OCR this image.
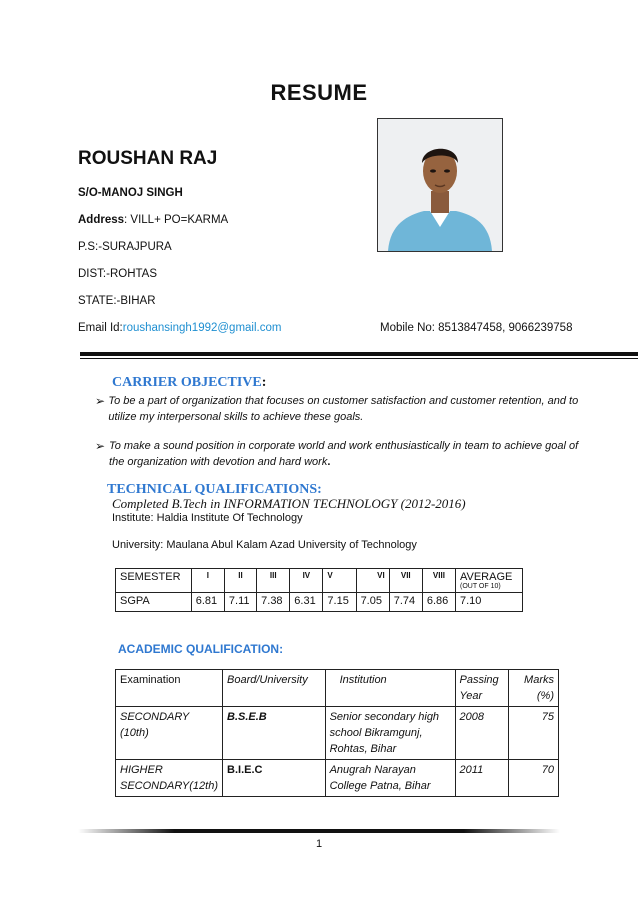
RESUME
ROUSHAN RAJ
S/O-MANOJ SINGH
Address: VILL+ PO=KARMA
P.S:-SURAJPURA
DIST:-ROHTAS
STATE:-BIHAR
Email Id:roushansingh1992@gmail.com	Mobile No: 8513847458, 9066239758
CARRIER OBJECTIVE:
➢ To be a part of organization that focuses on customer satisfaction and customer retention, and to utilize my interpersonal skills to achieve these goals.
➢ To make a sound position in corporate world and work enthusiastically in team to achieve goal of the organization with devotion and hard work.
TECHNICAL QUALIFICATIONS:
Completed B.Tech in INFORMATION TECHNOLOGY (2012-2016)
Institute: Haldia Institute Of Technology
University: Maulana Abul Kalam Azad University of Technology
SEMESTER	I	II	III	IV	V	VI	VII	VIII	AVERAGE
(OUT OF 10)

SGPA	6.81	7.11	7.38	6.31	7.15	7.05	7.74	6.86	7.10
ACADEMIC QUALIFICATION:
Examination	Board/University	Institution	Passing Year	Marks (%)

SECONDARY
(10th)	B.S.E.B	Senior secondary high school Bikramgunj, Rohtas, Bihar	2008	75

HIGHER
SECONDARY(12th)	B.I.E.C	Anugrah Narayan College Patna, Bihar	2011	70
1
